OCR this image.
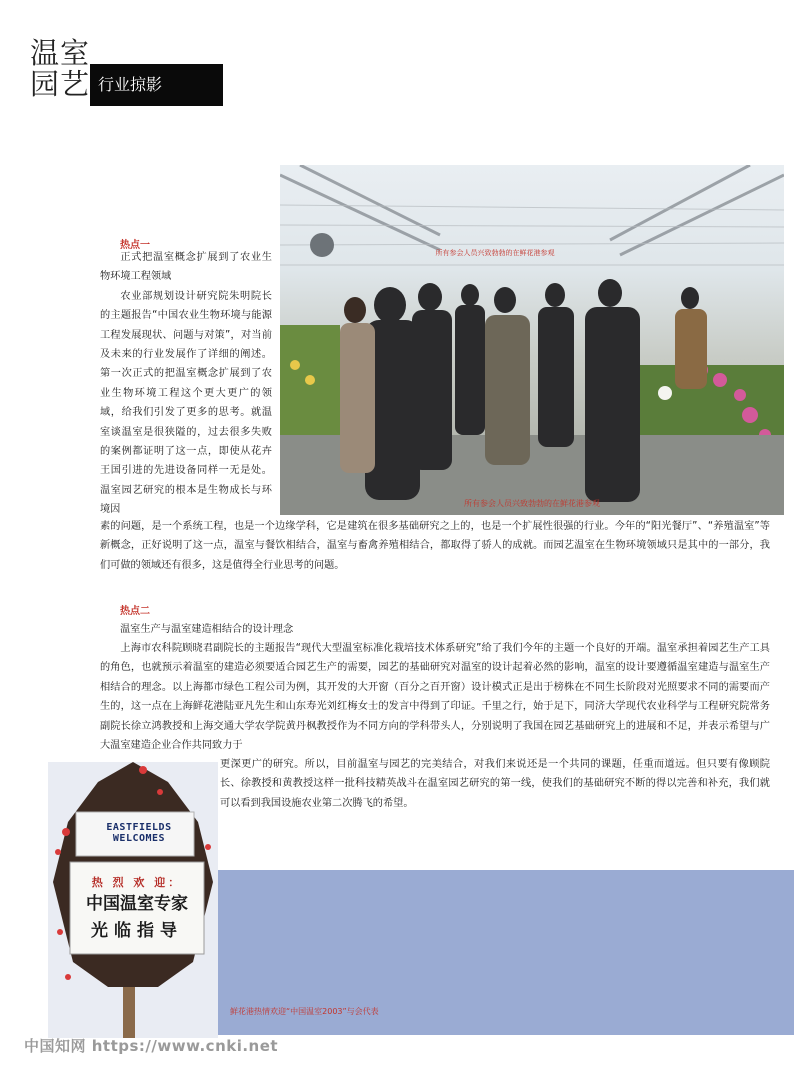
温室
园艺 行业掠影
所有参会人员兴致勃勃的在鲜花港参观
所有参会人员兴致勃勃的在鲜花港参观
热点一

正式把温室概念扩展到了农业生物环境工程领域

农业部规划设计研究院朱明院长的主题报告“中国农业生物环境与能源工程发展现状、问题与对策”，对当前及未来的行业发展作了详细的阐述。第一次正式的把温室概念扩展到了农业生物环境工程这个更大更广的领域，给我们引发了更多的思考。就温室谈温室是很狭隘的，过去很多失败的案例都证明了这一点，即使从花卉王国引进的先进设备同样一无是处。温室园艺研究的根本是生物成长与环境因

素的问题，是一个系统工程，也是一个边缘学科，它是建筑在很多基础研究之上的，也是一个扩展性很强的行业。今年的“阳光餐厅”、“养殖温室”等新概念，正好说明了这一点，温室与餐饮相结合，温室与畜禽养殖相结合，都取得了骄人的成就。而园艺温室在生物环境领域只是其中的一部分，我们可做的领域还有很多，这是值得全行业思考的问题。

热点二
温室生产与温室建造相结合的设计理念

上海市农科院顾晓君副院长的主题报告“现代大型温室标准化栽培技术体系研究”给了我们今年的主题一个良好的开端。温室承担着园艺生产工具的角色，也就预示着温室的建造必须要适合园艺生产的需要，园艺的基础研究对温室的设计起着必然的影响，温室的设计要遵循温室建造与温室生产相结合的理念。以上海都市绿色工程公司为例，其开发的大开窗（百分之百开窗）设计模式正是出于榜株在不同生长阶段对光照要求不同的需要而产生的，这一点在上海鲜花港陆亚凡先生和山东寿光刘红梅女士的发言中得到了印证。千里之行，始于足下，同济大学现代农业科学与工程研究院常务副院长徐立鸿教授和上海交通大学农学院黄丹枫教授作为不同方向的学科带头人，分别说明了我国在园艺基础研究上的进展和不足，并表示希望与广大温室建造企业合作共同致力于

更深更广的研究。所以，目前温室与园艺的完美结合，对我们来说还是一个共同的课题，任重而道远。但只要有像顾院长、徐教授和黄教授这样一批科技精英战斗在温室园艺研究的第一线，使我们的基础研究不断的得以完善和补充，我们就可以看到我国设施农业第二次腾飞的希望。

鲜花港热情欢迎“中国温室2003”与会代表
EASTFIELDS WELCOMES
热 烈 欢 迎：
中国温室专家
光临指导
中国知网 https://www.cnki.net
